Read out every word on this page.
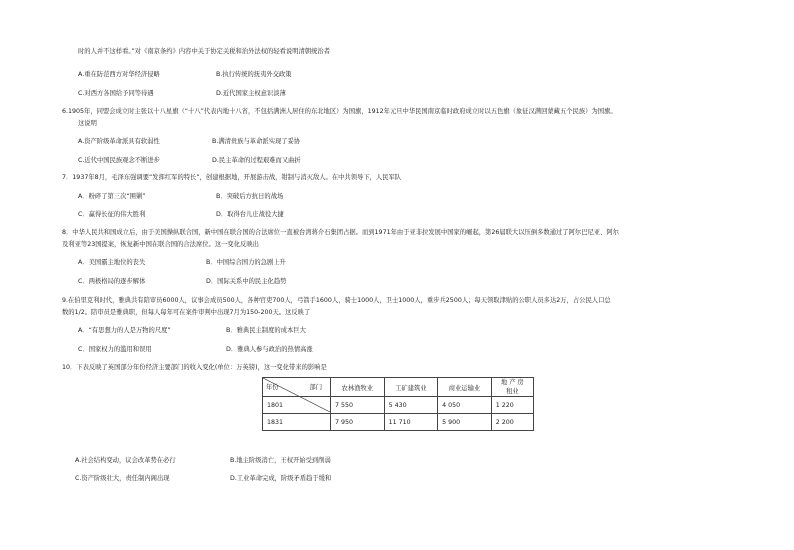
时的人并不这样看。”对《南京条约》内容中关于协定关税和治外法权的轻看说明清朝统治者
A.重在防范西方对华经济侵略	B.执行传统的抚夷外交政策
C.对西方各国给予同等待遇	D.近代国家主权意识淡薄
6.1905年，同盟会成立时主张以十八星旗（“十八”代表内地十八省，不包括满洲人居住的东北地区）为国旗，1912年元旦中华民国南京临时政府成立时以五色旗（象征汉满回蒙藏五个民族）为国旗。
这说明
A.资产阶级革命派具有软弱性	B.满清贵族与革命派实现了妥协
C.近代中国民族观念不断进步	D.民主革命的过程艰难而又曲折
7．1937年8月，毛泽东强调要“发挥红军的特长”，创建根据地，开展游击战，钳制与消灭敌人。在中共领导下，人民军队
A．粉碎了第三次“围剿”	B．突破后方抗日的战场
C．赢得长征的伟大胜利	D．取得台儿庄战役大捷
8．中华人民共和国成立后，由于美国操纵联合国，新中国在联合国的合法席位一直被台湾蒋介石集团占据。而到1971年由于亚非拉发展中国家的崛起，第26届联大以压倒多数通过了阿尔巴尼亚、阿尔
及利亚等23国提案，恢复新中国在联合国的合法席位。这一变化反映出
A．美国霸主地位的丧失	B．中国综合国力的急剧上升
C．两极格局的逐步解体	D．国际关系中的民主化趋势
9.在伯里克利时代，雅典共有陪审员6000人，议事会成员500人，各种官吏700人，弓箭手1600人，骑士1000人，卫士1000人，重步兵2500人；每天领取津贴的公职人员多达2万，占公民人口总
数的1/2。陪审员是雅典职，但每人每年可在案件审判中出现7月为150-200天。这反映了
A．“有思想力的人是万物的尺度”	B．雅典民主制度的成本巨大
C．国家权力的滥用和误用	D．雅典人参与政治的热情高涨
10．下表反映了英国部分年份经济主要部门的收入变化(单位：万英镑)，这一变化带来的影响是
部门
年份	农林渔牧业	工矿建筑业	商业运输业	地 产 房
租业
1801	7 550	5 430	4 050	1 220
1831	7 950	11 710	5 900	2 200
A.社会结构变动，议会改革势在必行	B.地主阶级消亡，王权开始受到削弱
C.资产阶级壮大，责任制内阁出现	D.工业革命完成，阶级矛盾趋于缓和
